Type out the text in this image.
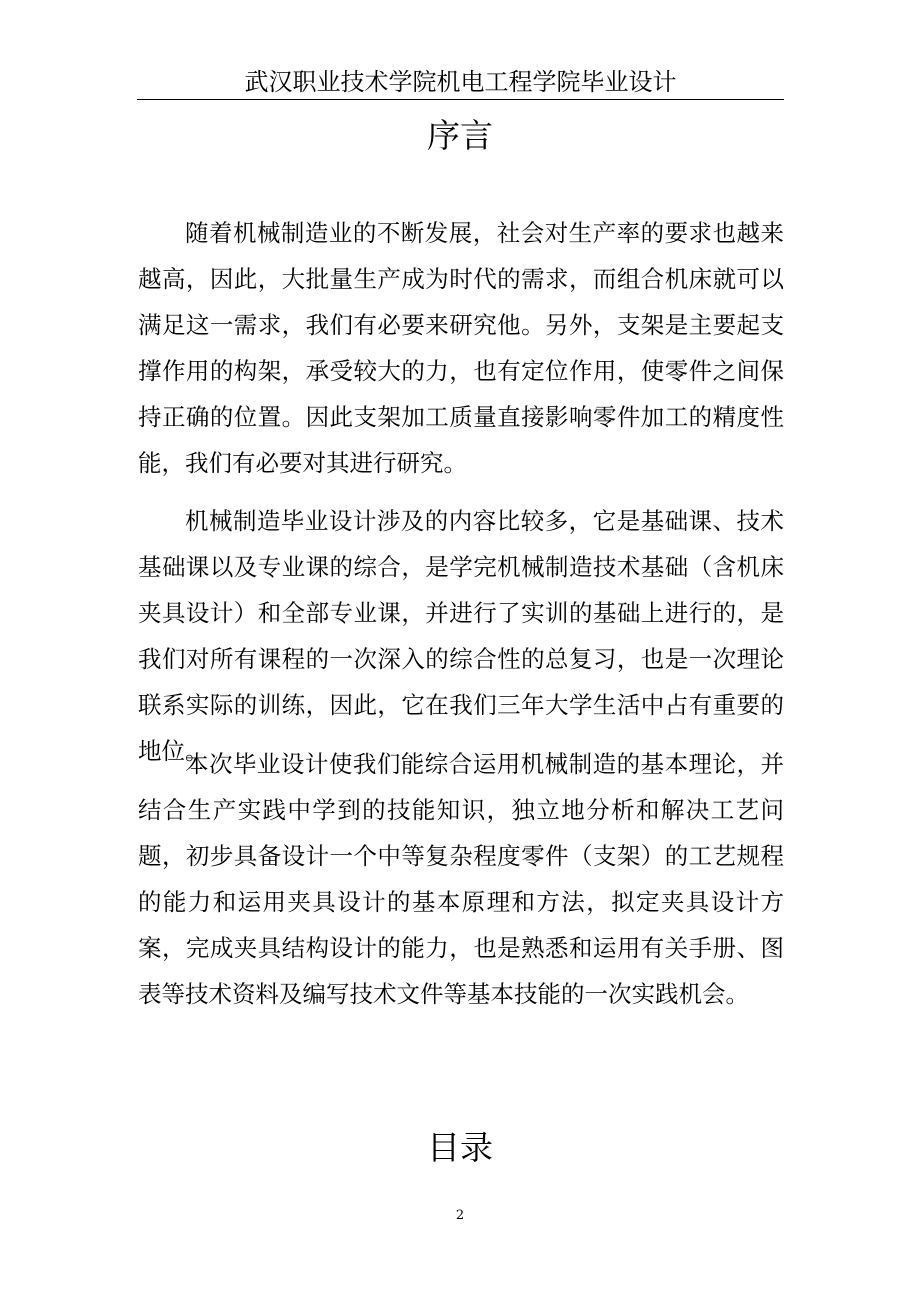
武汉职业技术学院机电工程学院毕业设计
序言

随着机械制造业的不断发展，社会对生产率的要求也越来越高，因此，大批量生产成为时代的需求，而组合机床就可以满足这一需求，我们有必要来研究他。另外，支架是主要起支撑作用的构架，承受较大的力，也有定位作用，使零件之间保持正确的位置。因此支架加工质量直接影响零件加工的精度性能，我们有必要对其进行研究。

机械制造毕业设计涉及的内容比较多，它是基础课、技术基础课以及专业课的综合，是学完机械制造技术基础（含机床夹具设计）和全部专业课，并进行了实训的基础上进行的，是我们对所有课程的一次深入的综合性的总复习，也是一次理论联系实际的训练，因此，它在我们三年大学生活中占有重要的地位。

本次毕业设计使我们能综合运用机械制造的基本理论，并结合生产实践中学到的技能知识，独立地分析和解决工艺问题，初步具备设计一个中等复杂程度零件（支架）的工艺规程的能力和运用夹具设计的基本原理和方法，拟定夹具设计方案，完成夹具结构设计的能力，也是熟悉和运用有关手册、图表等技术资料及编写技术文件等基本技能的一次实践机会。

目录
2
